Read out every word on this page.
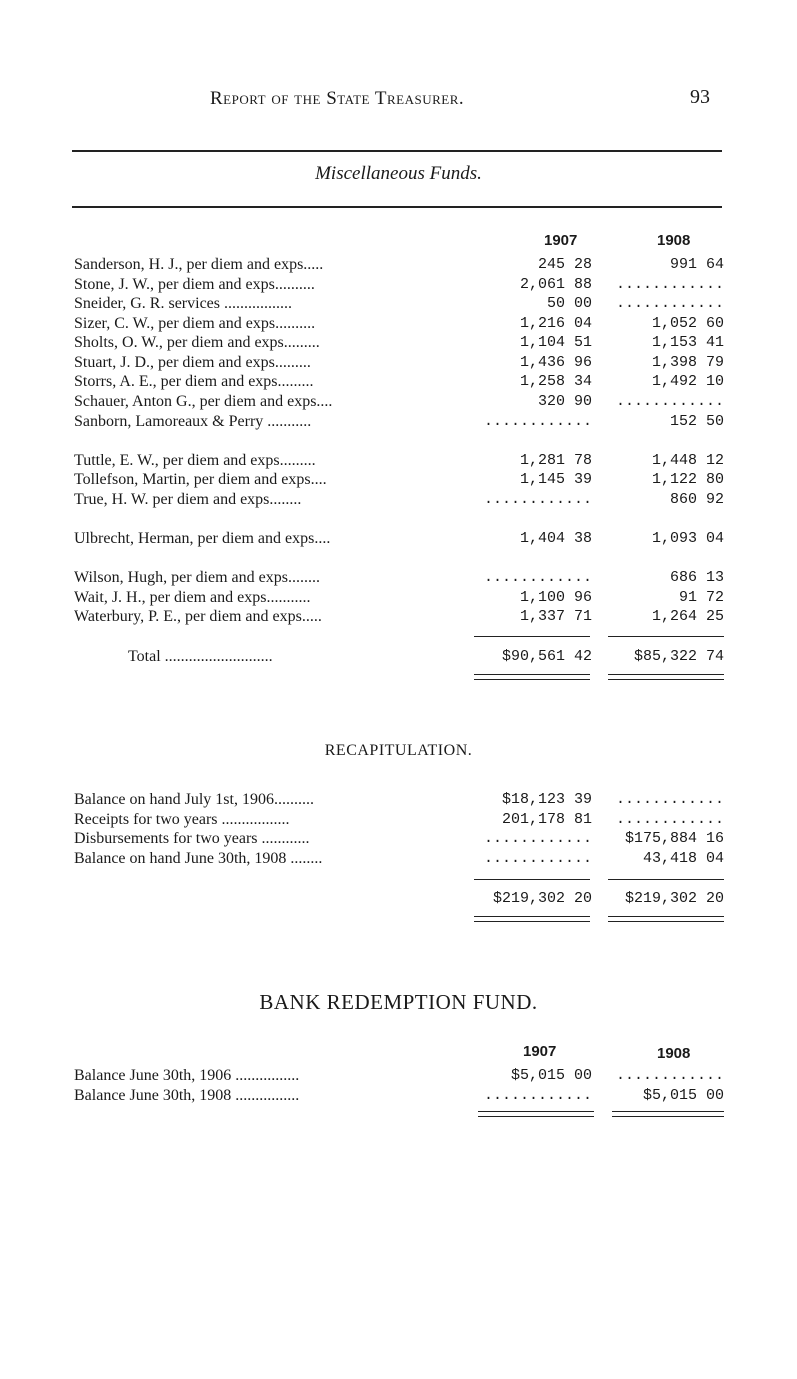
Report of the State Treasurer.	93
Miscellaneous Funds.
1907	1908
Sanderson, H. J., per diem and exps.....	245 28	991 64
Stone, J. W., per diem and exps..........	2,061 88 ............
Sneider, G. R. services .................	50 00 ............
Sizer, C. W., per diem and exps..........	1,216 04	1,052 60
Sholts, O. W., per diem and exps.........	1,104 51	1,153 41
Stuart, J. D., per diem and exps.........	1,436 96	1,398 79
Storrs, A. E., per diem and exps.........	1,258 34	1,492 10
Schauer, Anton G., per diem and exps....	320 90 ............
Sanborn, Lamoreaux & Perry ...........	............	152 50
Tuttle, E. W., per diem and exps.........	1,281 78	1,448 12
Tollefson, Martin, per diem and exps....	1,145 39	1,122 80
True, H. W. per diem and exps........	............	860 92
Ulbrecht, Herman, per diem and exps....	1,404 38	1,093 04
Wilson, Hugh, per diem and exps........	............	686 13
Wait, J. H., per diem and exps...........	1,100 96	91 72
Waterbury, P. E., per diem and exps.....	1,337 71	1,264 25
Total ...........................	$90,561 42	$85,322 74
RECAPITULATION.
Balance on hand July 1st, 1906..........	$18,123 39 ............
Receipts for two years .................	201,178 81 ............
Disbursements for two years ............	............ $175,884 16
Balance on hand June 30th, 1908 ........	............	43,418 04
$219,302 20 $219,302 20
BANK REDEMPTION FUND.
1907	1908
Balance June 30th, 1906 ................	$5,015 00 ............
Balance June 30th, 1908 ................	............	$5,015 00
